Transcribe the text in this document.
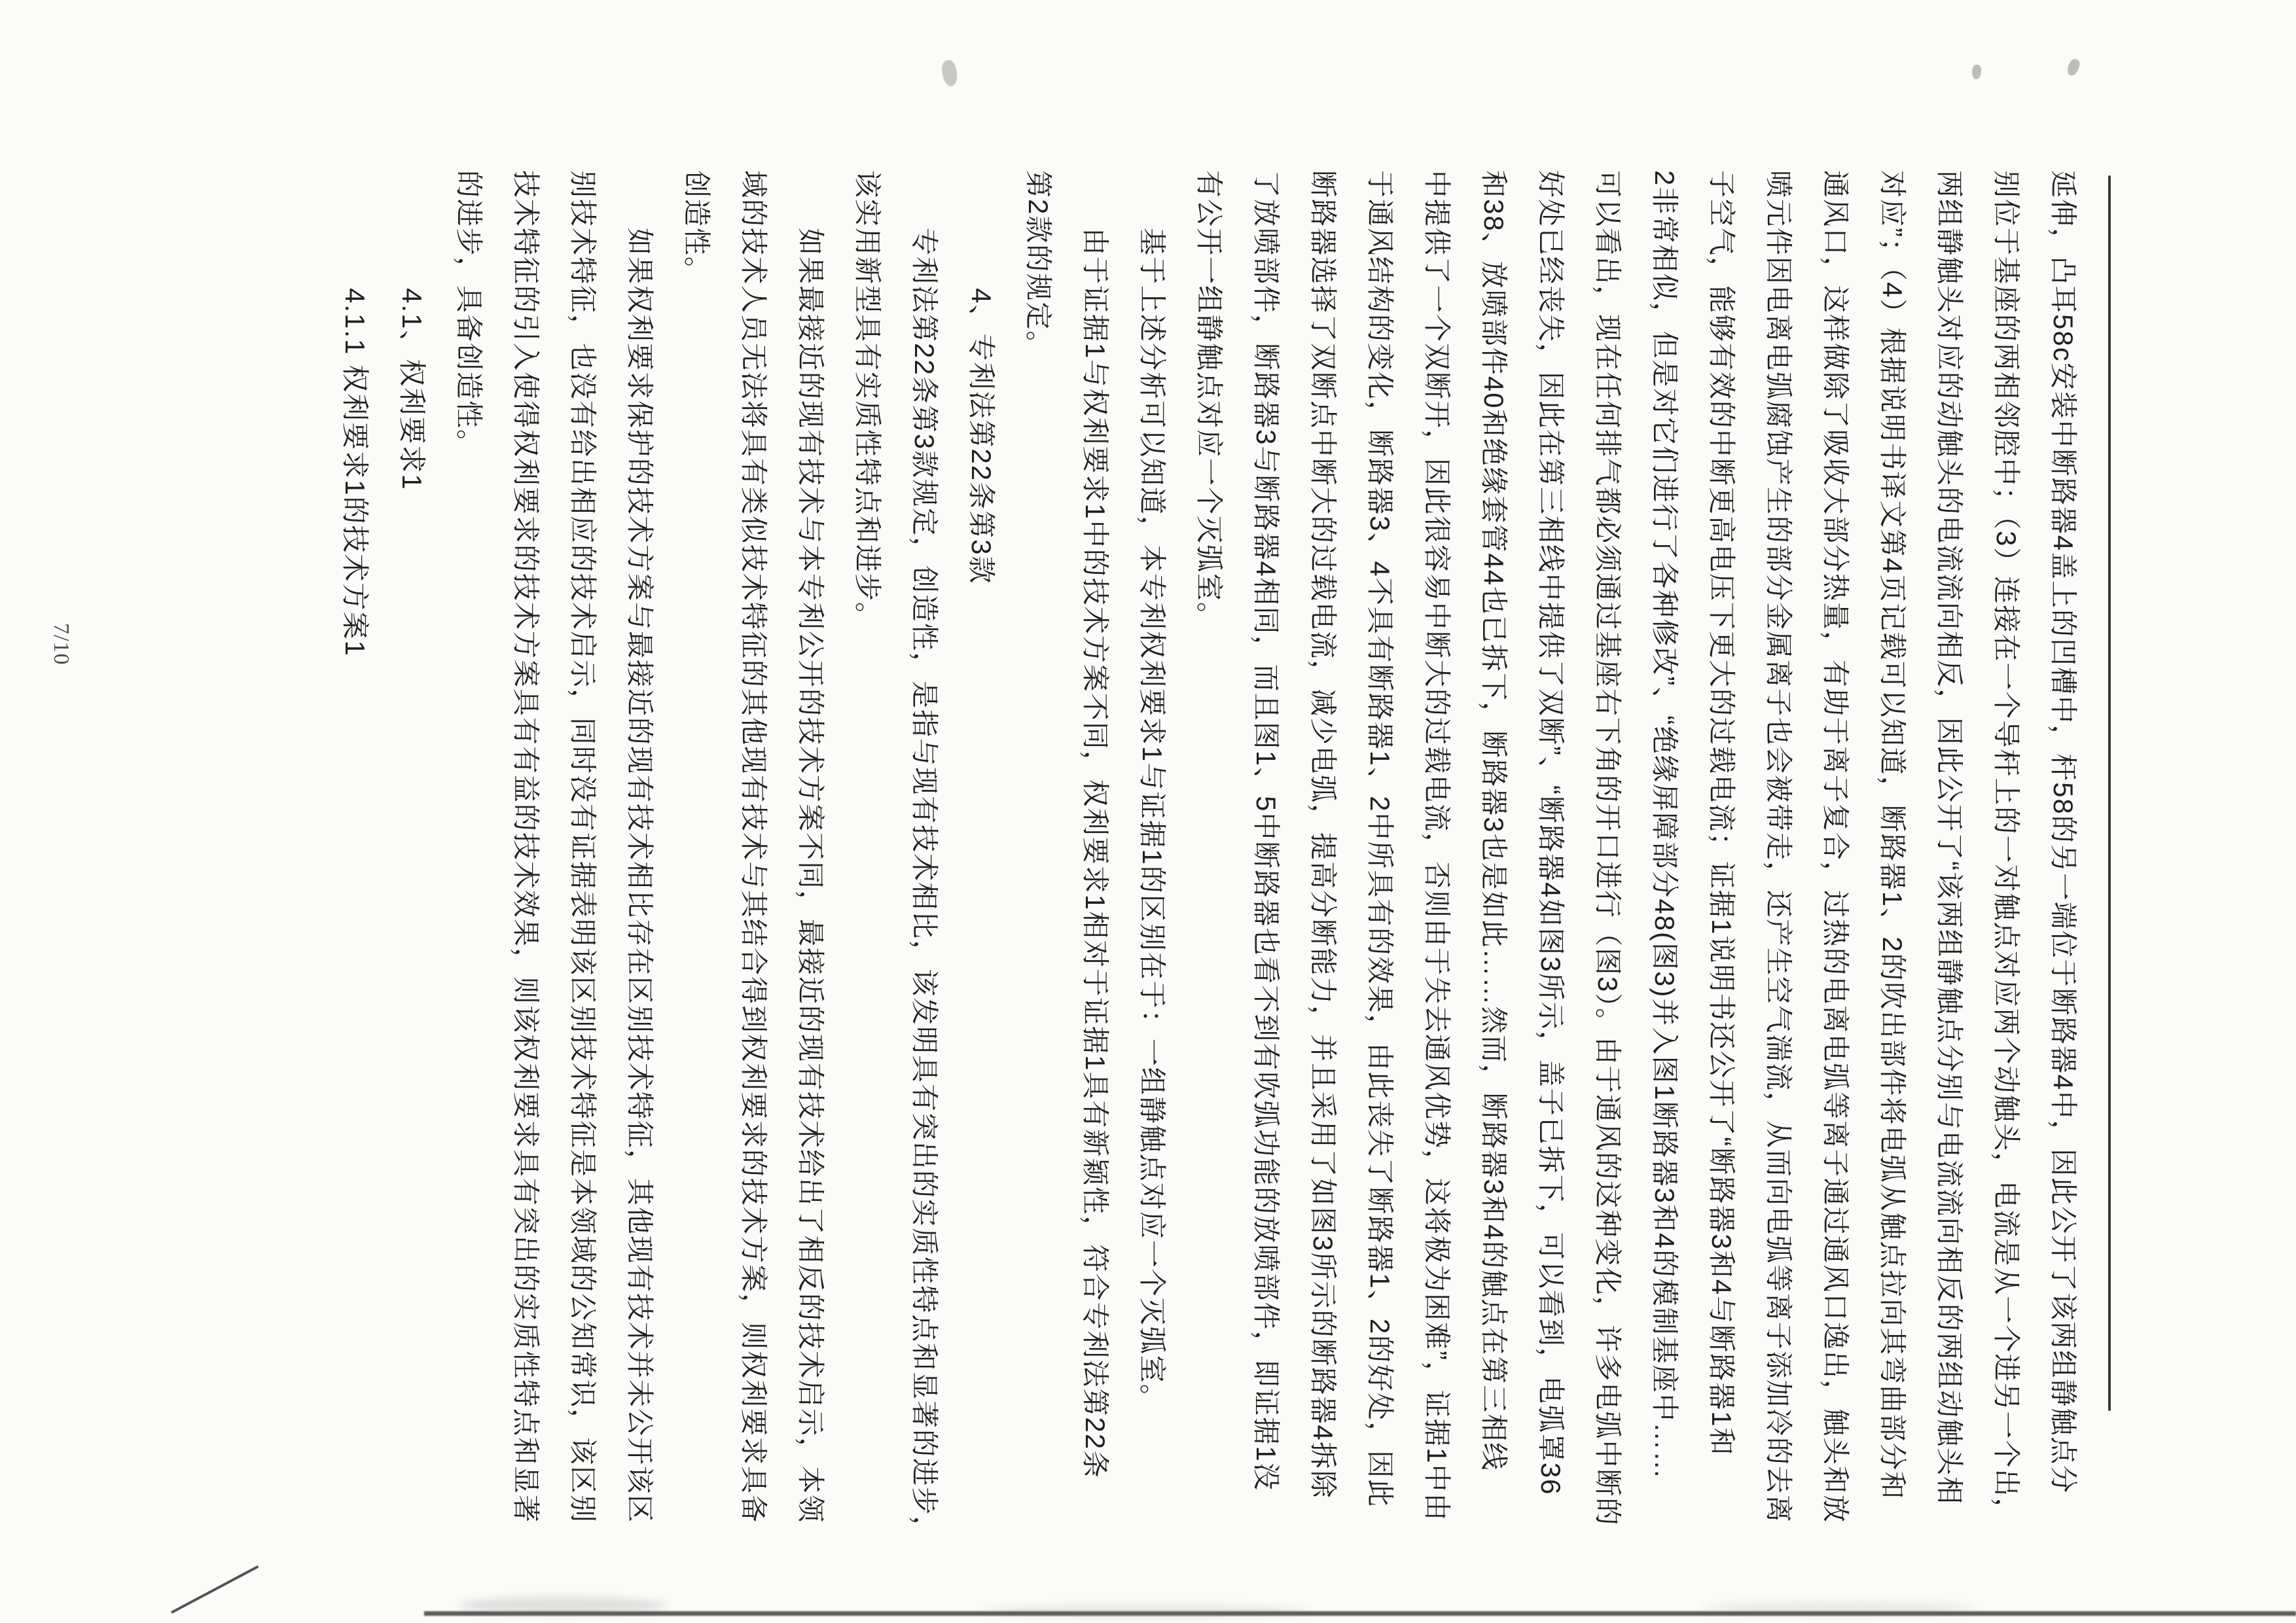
延伸，凸耳58c安装中断路器4盖上的凹槽中，杆58的另一端位于断路器4中，因此公开了该两组静触点分
别位于基座的两相邻腔中；（3）连接在一个导杆上的一对触点对应两个动触头，电流是从一个进另一个出，
两组静触头对应的动触头的电流流向相反，因此公开了“该两组静触点分别与电流流向相反的两组动触头相
对应”；（4）根据说明书译文第4页记载可以知道，断路器1、2的吹出部件将电弧从触点拉向其弯曲部分和
通风口，这样做除了吸收大部分热量，有助于离子复合，过热的电离电弧等离子通过通风口逸出，触头和放
喷元件因电离电弧腐蚀产生的部分金属离子也会被带走，还产生空气湍流，从而向电弧等离子添加冷的去离
子空气，能够有效的中断更高电压下更大的过载电流；证据1说明书还公开了“断路器3和4与断路器1和
2非常相似，但是对它们进行了各种修改”、“绝缘屏障部分48(图3)并入图1断路器3和4的模制基座中……
可以看出，现在任何排气都必须通过基座右下角的开口进行（图3）。由于通风的这种变化，许多电弧中断的
好处已经丧失，因此在第三相线中提供了双断”、“断路器4如图3所示，盖子已拆下，可以看到，电弧罩36
和38、放喷部件40和绝缘套管44也已拆下，断路器3也是如此……然而，断路器3和4的触点在第三相线
中提供了一个双断开，因此很容易中断大的过载电流，否则由于失去通风优势，这将极为困难”，证据1中由
于通风结构的变化，断路器3、4不具有断路器1、2中所具有的效果，由此丧失了断路器1、2的好处，因此
断路器选择了双断点中断大的过载电流，减少电弧，提高分断能力，并且采用了如图3所示的断路器4拆除
了放喷部件，断路器3与断路器4相同，而且图1、5中断路器也看不到有吹弧功能的放喷部件，即证据1没
有公开一组静触点对应一个灭弧室。
基于上述分析可以知道，本专利权利要求1与证据1的区别在于：一组静触点对应一个灭弧室。
由于证据1与权利要求1中的技术方案不同，权利要求1相对于证据1具有新颖性，符合专利法第22条
第2款的规定。
4、专利法第22条第3款
专利法第22条第3款规定，创造性，是指与现有技术相比，该发明具有突出的实质性特点和显著的进步，
该实用新型具有实质性特点和进步。
如果最接近的现有技术与本专利公开的技术方案不同，最接近的现有技术给出了相反的技术启示，本领
域的技术人员无法将具有类似技术特征的其他现有技术与其结合得到权利要求的技术方案，则权利要求具备
创造性。
如果权利要求保护的技术方案与最接近的现有技术相比存在区别技术特征，其他现有技术并未公开该区
别技术特征，也没有给出相应的技术启示，同时没有证据表明该区别技术特征是本领域的公知常识，该区别
技术特征的引入使得权利要求的技术方案具有有益的技术效果，则该权利要求具有突出的实质性特点和显著
的进步，具备创造性。
4.1、权利要求1
4.1.1 权利要求1的技术方案1
7/10
